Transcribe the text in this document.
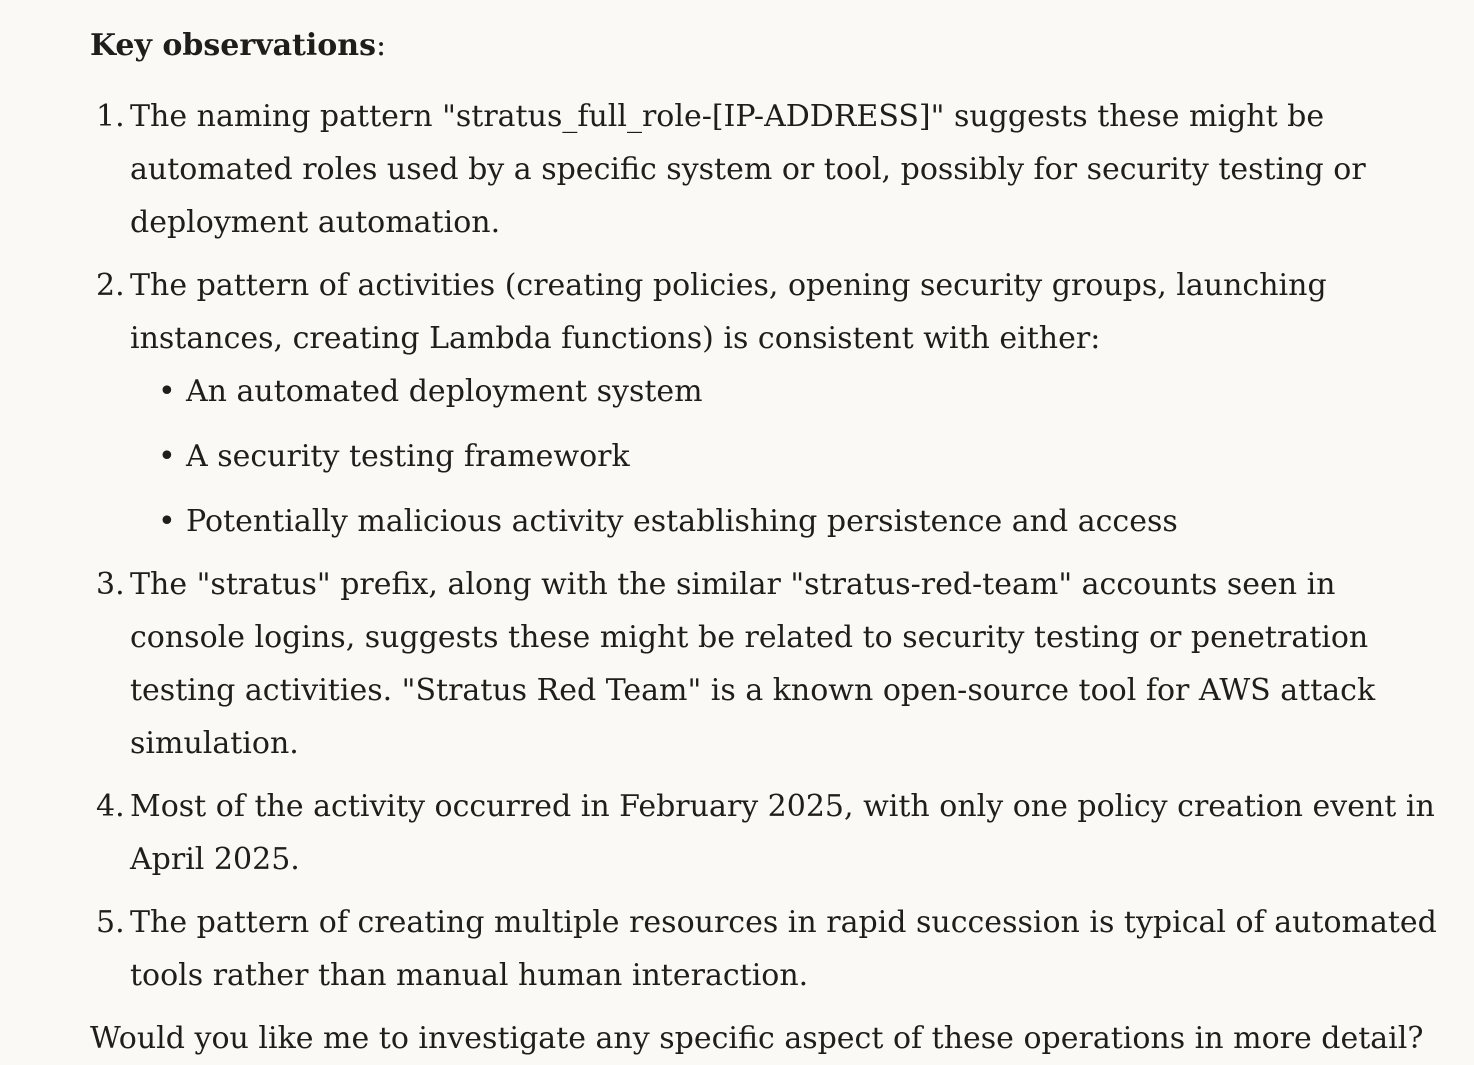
Key observations:

1. The naming pattern "stratus_full_role-[IP-ADDRESS]" suggests these might be automated roles used by a specific system or tool, possibly for security testing or deployment automation.
2. The pattern of activities (creating policies, opening security groups, launching instances, creating Lambda functions) is consistent with either:
• An automated deployment system
• A security testing framework
• Potentially malicious activity establishing persistence and access
3. The "stratus" prefix, along with the similar "stratus-red-team" accounts seen in console logins, suggests these might be related to security testing or penetration testing activities. "Stratus Red Team" is a known open-source tool for AWS attack simulation.
4. Most of the activity occurred in February 2025, with only one policy creation event in April 2025.
5. The pattern of creating multiple resources in rapid succession is typical of automated tools rather than manual human interaction.

Would you like me to investigate any specific aspect of these operations in more detail?
